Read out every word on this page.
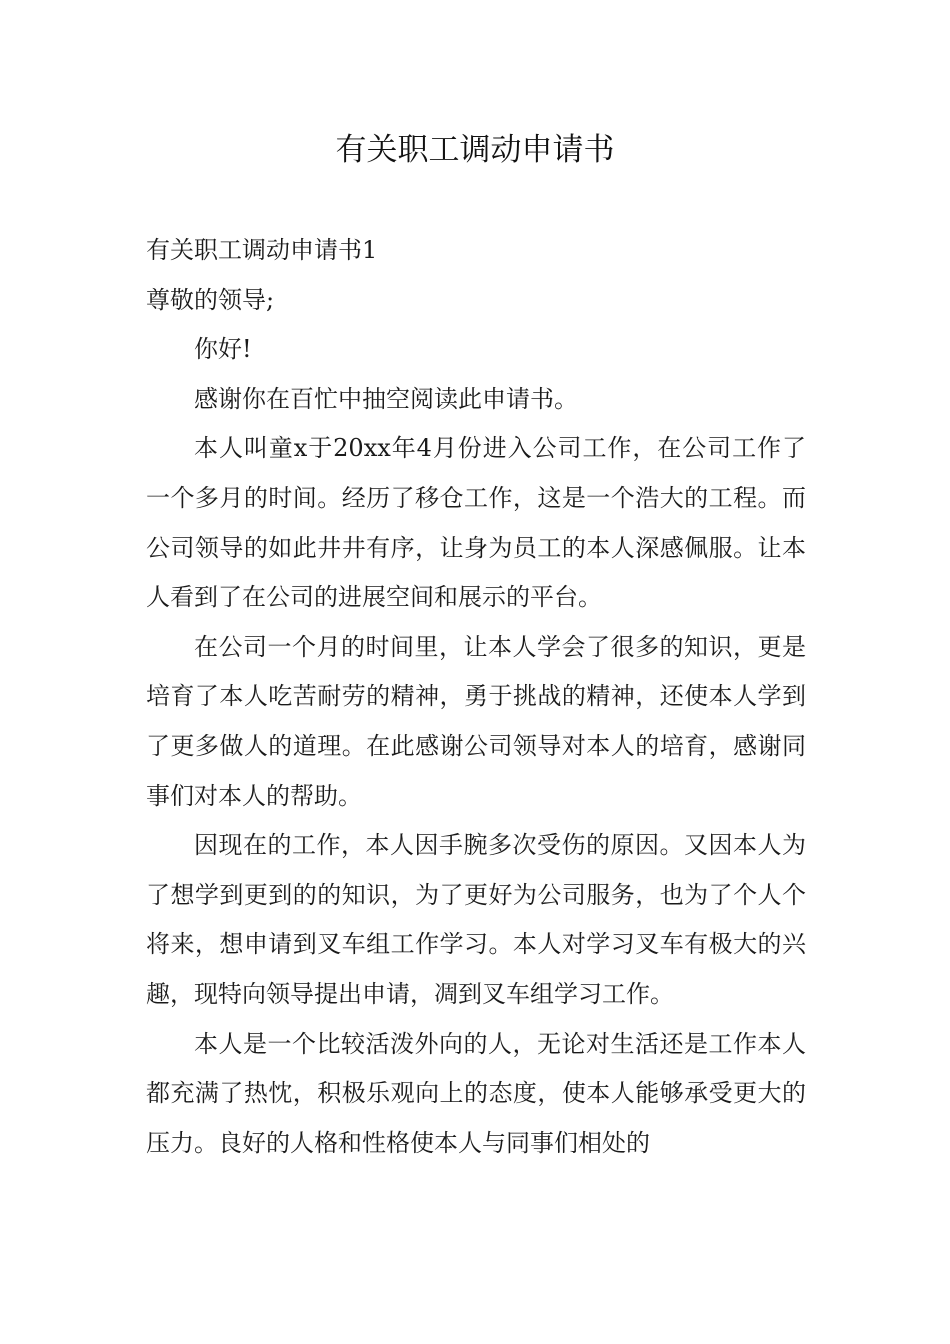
有关职工调动申请书

有关职工调动申请书1

尊敬的领导;

你好!

感谢你在百忙中抽空阅读此申请书。

本人叫童x于20xx年4月份进入公司工作，在公司工作了一个多月的时间。经历了移仓工作，这是一个浩大的工程。而公司领导的如此井井有序，让身为员工的本人深感佩服。让本人看到了在公司的进展空间和展示的平台。

在公司一个月的时间里，让本人学会了很多的知识，更是培育了本人吃苦耐劳的精神，勇于挑战的精神，还使本人学到了更多做人的道理。在此感谢公司领导对本人的培育，感谢同事们对本人的帮助。

因现在的工作，本人因手腕多次受伤的原因。又因本人为了想学到更到的的知识，为了更好为公司服务，也为了个人个将来，想申请到叉车组工作学习。本人对学习叉车有极大的兴趣，现特向领导提出申请，凋到叉车组学习工作。

本人是一个比较活泼外向的人，无论对生活还是工作本人都充满了热忱，积极乐观向上的态度，使本人能够承受更大的压力。良好的人格和性格使本人与同事们相处的
